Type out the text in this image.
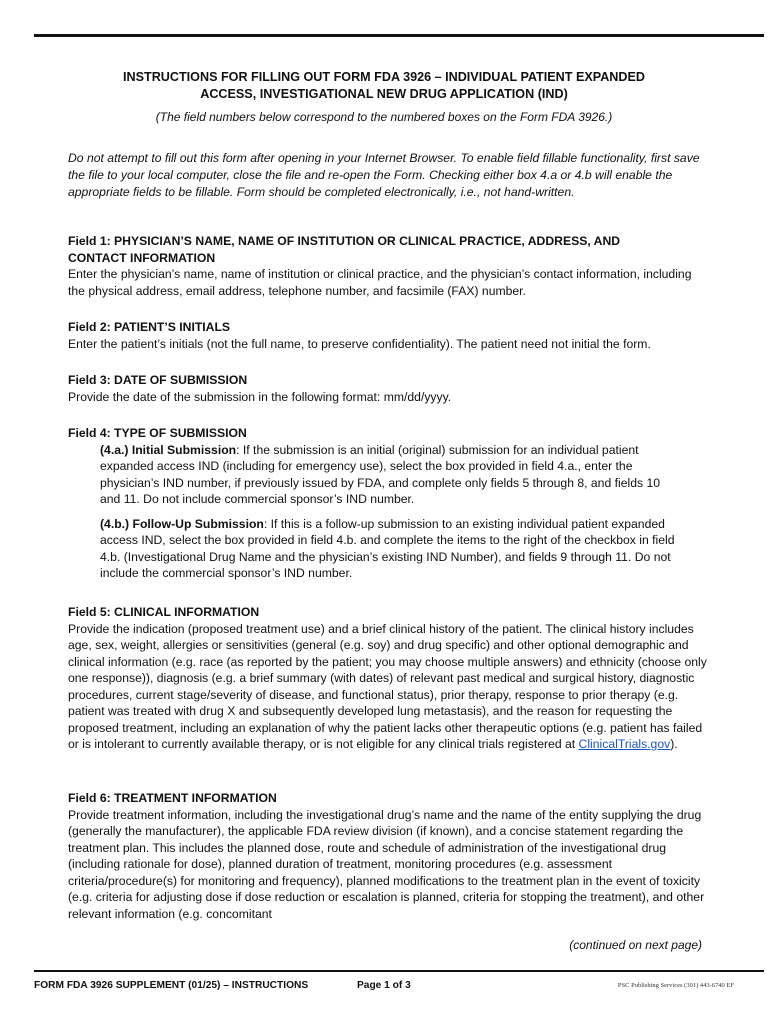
INSTRUCTIONS FOR FILLING OUT FORM FDA 3926 – INDIVIDUAL PATIENT EXPANDED
ACCESS, INVESTIGATIONAL NEW DRUG APPLICATION (IND)
(The field numbers below correspond to the numbered boxes on the Form FDA 3926.)
Do not attempt to fill out this form after opening in your Internet Browser. To enable field fillable functionality, first save the file to your local computer, close the file and re-open the Form. Checking either box 4.a or 4.b will enable the appropriate fields to be fillable. Form should be completed electronically, i.e., not hand-written.
Field 1: PHYSICIAN’S NAME, NAME OF INSTITUTION OR CLINICAL PRACTICE, ADDRESS, AND CONTACT INFORMATION
Enter the physician’s name, name of institution or clinical practice, and the physician’s contact information, including the physical address, email address, telephone number, and facsimile (FAX) number.
Field 2: PATIENT’S INITIALS
Enter the patient’s initials (not the full name, to preserve confidentiality). The patient need not initial the form.
Field 3: DATE OF SUBMISSION
Provide the date of the submission in the following format: mm/dd/yyyy.
Field 4: TYPE OF SUBMISSION
(4.a.) Initial Submission: If the submission is an initial (original) submission for an individual patient expanded access IND (including for emergency use), select the box provided in field 4.a., enter the physician’s IND number, if previously issued by FDA, and complete only fields 5 through 8, and fields 10 and 11. Do not include commercial sponsor’s IND number.
(4.b.) Follow-Up Submission: If this is a follow-up submission to an existing individual patient expanded access IND, select the box provided in field 4.b. and complete the items to the right of the checkbox in field 4.b. (Investigational Drug Name and the physician’s existing IND Number), and fields 9 through 11. Do not include the commercial sponsor’s IND number.
Field 5: CLINICAL INFORMATION
Provide the indication (proposed treatment use) and a brief clinical history of the patient. The clinical history includes age, sex, weight, allergies or sensitivities (general (e.g. soy) and drug specific) and other optional demographic and clinical information (e.g. race (as reported by the patient; you may choose multiple answers) and ethnicity (choose only one response)), diagnosis (e.g. a brief summary (with dates) of relevant past medical and surgical history, diagnostic procedures, current stage/severity of disease, and functional status), prior therapy, response to prior therapy (e.g. patient was treated with drug X and subsequently developed lung metastasis), and the reason for requesting the proposed treatment, including an explanation of why the patient lacks other therapeutic options (e.g. patient has failed or is intolerant to currently available therapy, or is not eligible for any clinical trials registered at ClinicalTrials.gov).
Field 6: TREATMENT INFORMATION
Provide treatment information, including the investigational drug’s name and the name of the entity supplying the drug (generally the manufacturer), the applicable FDA review division (if known), and a concise statement regarding the treatment plan. This includes the planned dose, route and schedule of administration of the investigational drug (including rationale for dose), planned duration of treatment, monitoring procedures (e.g. assessment criteria/procedure(s) for monitoring and frequency), planned modifications to the treatment plan in the event of toxicity (e.g. criteria for adjusting dose if dose reduction or escalation is planned, criteria for stopping the treatment), and other relevant information (e.g. concomitant
(continued on next page)
FORM FDA 3926 SUPPLEMENT (01/25) – INSTRUCTIONS	Page 1 of 3	PSC Publishing Services (301) 443-6740 EF
